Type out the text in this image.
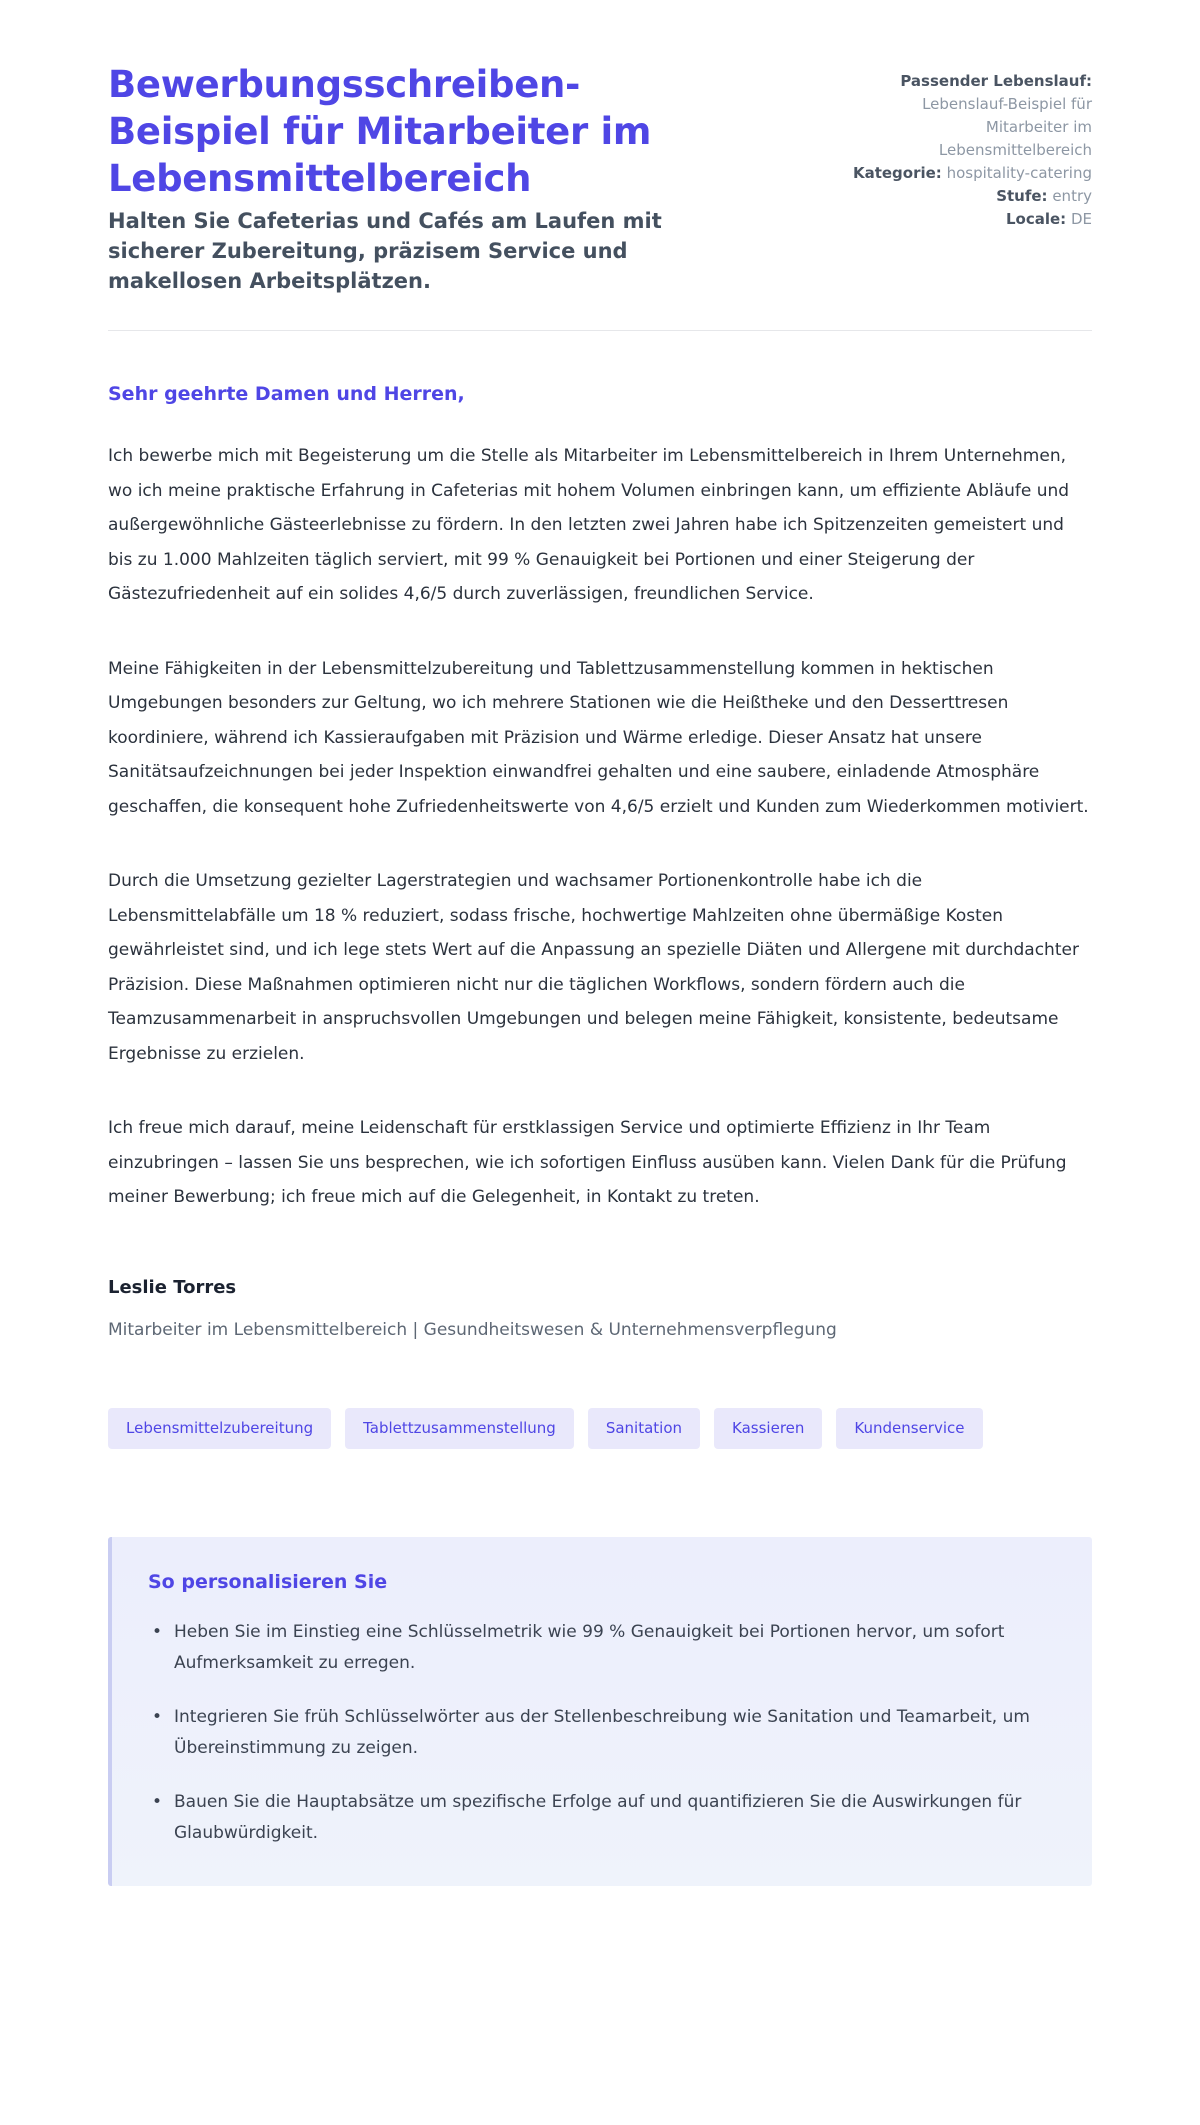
Bewerbungsschreiben-Beispiel für Mitarbeiter im Lebensmittelbereich

Halten Sie Cafeterias und Cafés am Laufen mit sicherer Zubereitung, präzisem Service und makellosen Arbeitsplätzen.

Passender Lebenslauf:
Lebenslauf-Beispiel für Mitarbeiter im Lebensmittelbereich
Kategorie: hospitality-catering
Stufe: entry
Locale: DE

Sehr geehrte Damen und Herren,

Ich bewerbe mich mit Begeisterung um die Stelle als Mitarbeiter im Lebensmittelbereich in Ihrem Unternehmen, wo ich meine praktische Erfahrung in Cafeterias mit hohem Volumen einbringen kann, um effiziente Abläufe und außergewöhnliche Gästeerlebnisse zu fördern. In den letzten zwei Jahren habe ich Spitzenzeiten gemeistert und bis zu 1.000 Mahlzeiten täglich serviert, mit 99 % Genauigkeit bei Portionen und einer Steigerung der Gästezufriedenheit auf ein solides 4,6/5 durch zuverlässigen, freundlichen Service.

Meine Fähigkeiten in der Lebensmittelzubereitung und Tablettzusammenstellung kommen in hektischen Umgebungen besonders zur Geltung, wo ich mehrere Stationen wie die Heißtheke und den Desserttresen koordiniere, während ich Kassieraufgaben mit Präzision und Wärme erledige. Dieser Ansatz hat unsere Sanitätsaufzeichnungen bei jeder Inspektion einwandfrei gehalten und eine saubere, einladende Atmosphäre geschaffen, die konsequent hohe Zufriedenheitswerte von 4,6/5 erzielt und Kunden zum Wiederkommen motiviert.

Durch die Umsetzung gezielter Lagerstrategien und wachsamer Portionenkontrolle habe ich die Lebensmittelabfälle um 18 % reduziert, sodass frische, hochwertige Mahlzeiten ohne übermäßige Kosten gewährleistet sind, und ich lege stets Wert auf die Anpassung an spezielle Diäten und Allergene mit durchdachter Präzision. Diese Maßnahmen optimieren nicht nur die täglichen Workflows, sondern fördern auch die Teamzusammenarbeit in anspruchsvollen Umgebungen und belegen meine Fähigkeit, konsistente, bedeutsame Ergebnisse zu erzielen.

Ich freue mich darauf, meine Leidenschaft für erstklassigen Service und optimierte Effizienz in Ihr Team einzubringen – lassen Sie uns besprechen, wie ich sofortigen Einfluss ausüben kann. Vielen Dank für die Prüfung meiner Bewerbung; ich freue mich auf die Gelegenheit, in Kontakt zu treten.

Leslie Torres

Mitarbeiter im Lebensmittelbereich | Gesundheitswesen & Unternehmensverpflegung

Lebensmittelzubereitung	Tablettzusammenstellung	Sanitation	Kassieren	Kundenservice

So personalisieren Sie

• Heben Sie im Einstieg eine Schlüsselmetrik wie 99 % Genauigkeit bei Portionen hervor, um sofort Aufmerksamkeit zu erregen.
• Integrieren Sie früh Schlüsselwörter aus der Stellenbeschreibung wie Sanitation und Teamarbeit, um Übereinstimmung zu zeigen.
• Bauen Sie die Hauptabsätze um spezifische Erfolge auf und quantifizieren Sie die Auswirkungen für Glaubwürdigkeit.
